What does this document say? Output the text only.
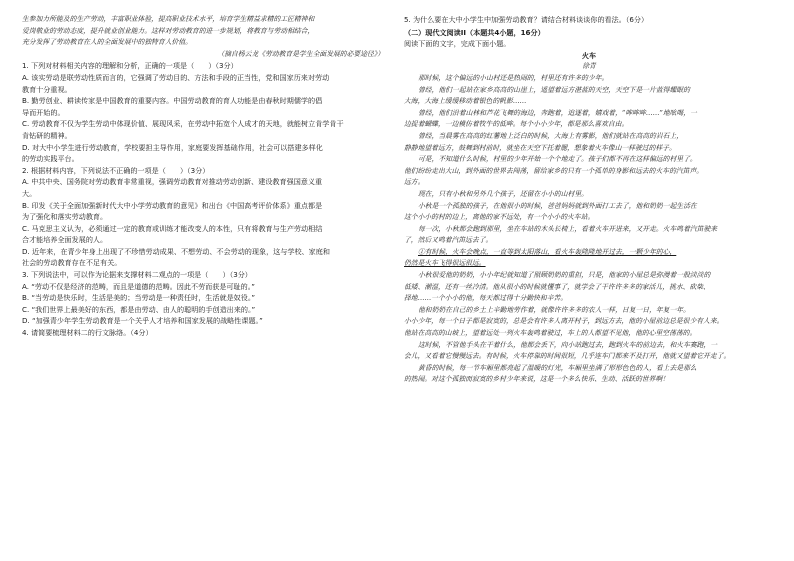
生参加力所能及的生产劳动，丰富职业体验，提高职业技术水平，培育学生精益求精的工匠精神和

爱岗敬业的劳动态度，提升就业创业能力。这样对劳动教育的进一步规划，将教育与劳动相结合，

充分发挥了劳动教育在人的全面发展中的独特育人价值。

（摘自杨云龙《劳动教育是学生全面发展的必要途径》）

1. 下列对材料相关内容的理解和分析，正确的一项是（　　）（3分）

A. 该实劳动是联劳动性质而言的，它强调了劳动目的、方法和手段的正当性，党和国家历来对劳动

教育十分重视。

B. 勤劳创业、耕读传家是中国教育的重要内容。中国劳动教育的育人功能是由春秋时期儒学的倡

导而开始的。

C. 劳动教育不仅为学生劳动中体现价值、展现风采，在劳动中拓宽个人成才的天地，就能树立肯学肯干

肯钻研的精神。

D. 对大中小学生进行劳动教育，学校要担主导作用，家庭要发挥基础作用，社会可以搭建多样化

的劳动实践平台。

2. 根据材料内容，下列说法不正确的一项是（　　）（3分）

A. 中共中央、国务院对劳动教育非常重视，强调劳动教育对推动劳动创新、建设教育强国意义重

大。

B. 印发《关于全面加强新时代大中小学劳动教育的意见》和出台《中国高考评价体系》重点都是

为了强化和落实劳动教育。

C. 马克思主义认为，必须通过一定的教育或训练才能改变人的本性，只有将教育与生产劳动相结

合才能培养全面发展的人。

D. 近年来，在青少年身上出现了不珍惜劳动成果、不想劳动、不会劳动的现象，这与学校、家庭和

社会的劳动教育存在不足有关。

3. 下列说法中，可以作为论据来支撑材料二观点的一项是（　　）（3分）

A. “劳动不仅是经济的范畴，而且是道德的范畴。因此不劳而获是可耻的。”

B. “当劳动是快乐时，生活是美的；当劳动是一种责任时，生活就是奴役。”

C. “我们世界上最美好的东西，都是由劳动、由人的聪明的手创造出来的。”

D. “加强青少年学生劳动教育是一个关乎人才培养和国家发展的战略性课题。”

4. 请简要梳理材料二的行文脉络。（4分）

5. 为什么要在大中小学生中加强劳动教育？请结合材料谈谈你的看法。（6分）

（二）现代文阅读II（本题共4小题，16分）

阅读下面的文字，完成下面小题。

火车

徐青

那时候，这个偏远的小山村还是热闹的，村里还有许多的少年。

曾经，他们一起站在家乡高高的山崖上，遥望着远方湛蓝的天空，天空下是一片蓝得耀眼的

大海，大海上缓缓移动着银色的帆影……

曾经，他们沿着山林和芦花飞舞的海边，奔跑着，追逐着，嬉戏着，“哞哞哞……”地吆喝，一

边捉着蝴蝶，一边模仿着牧牛的低哞。每个小小少年，都是那么喜欢自由。

曾经，当晨雾在高高的红薯地上泛白的时候，大海上有雾影，他们就站在高高的岩石上，

静静地望着远方，鼓舞到村前时，就坐在天空下托着腮，想象着火车像山一样驶过的样子。

可是，不知道什么时候，村里的少年开始一个个地走了。孩子们都不再在这样偏远的村里了。

他们纷纷走出大山，到外面的世界去闯荡，留给家乡的只有一个孤单的身影和远去的火车的汽笛声。

远方。

现在，只有小秋和另外几个孩子，还留在小小的山村里。

小秋是一个孤独的孩子，在他很小的时候，爸爸妈妈就到外面打工去了，他和奶奶一起生活在

这个小小的村的边上，离他的家不远处，有一个小小的火车站。

每一次，小秋都会跑到那里，坐在车站的木头长椅上，看着火车开进来，又开走。火车鸣着汽笛驶来

了，然后又鸣着汽笛远去了。

①有时候，火车会晚点，一直等到太阳落山，看火车轰隆隆地开过去，一颗少年的心，

仍然是火车飞得很远很远。

小秋很爱他的奶奶，小小年纪就知道了照顾奶奶的重担，只是，他家的小屋总是弥漫着一股淡淡的

低矮、潮湿，还有一丝冷清。他从很小的时候就懂事了，就学会了干许许多多的家活儿，挑水、砍柴、

择地……一个小小的他，每天都过得十分勤快和辛苦。

他和奶奶在自己的乡土上辛勤地劳作着，就像许许多多的农人一样，日复一日，年复一年。

小小少年，每一个日子都是寂寞的，总是会有许多人离开村子，到远方去，他的小屋前边总是很少有人来。

他站在高高的山坡上，望着远处一列火车轰鸣着驶过，车上的人都望不见他，他的心里空荡荡的。

这时候，不管他手头在干着什么，他都会丢下，向小站跑过去，跑到火车的前边去，和火车赛跑，一

会儿，又看着它慢慢远去。有时候，火车停靠的时间很短，几乎连车门都来不及打开，他就又望着它开走了。

黄昏的时候，每一节车厢里都亮起了温暖的灯光，车厢里坐满了形形色色的人，看上去是那么

的热闹。对这个孤独而寂寞的乡村少年来说，这是一个多么快乐、生动、活跃的世界啊！
